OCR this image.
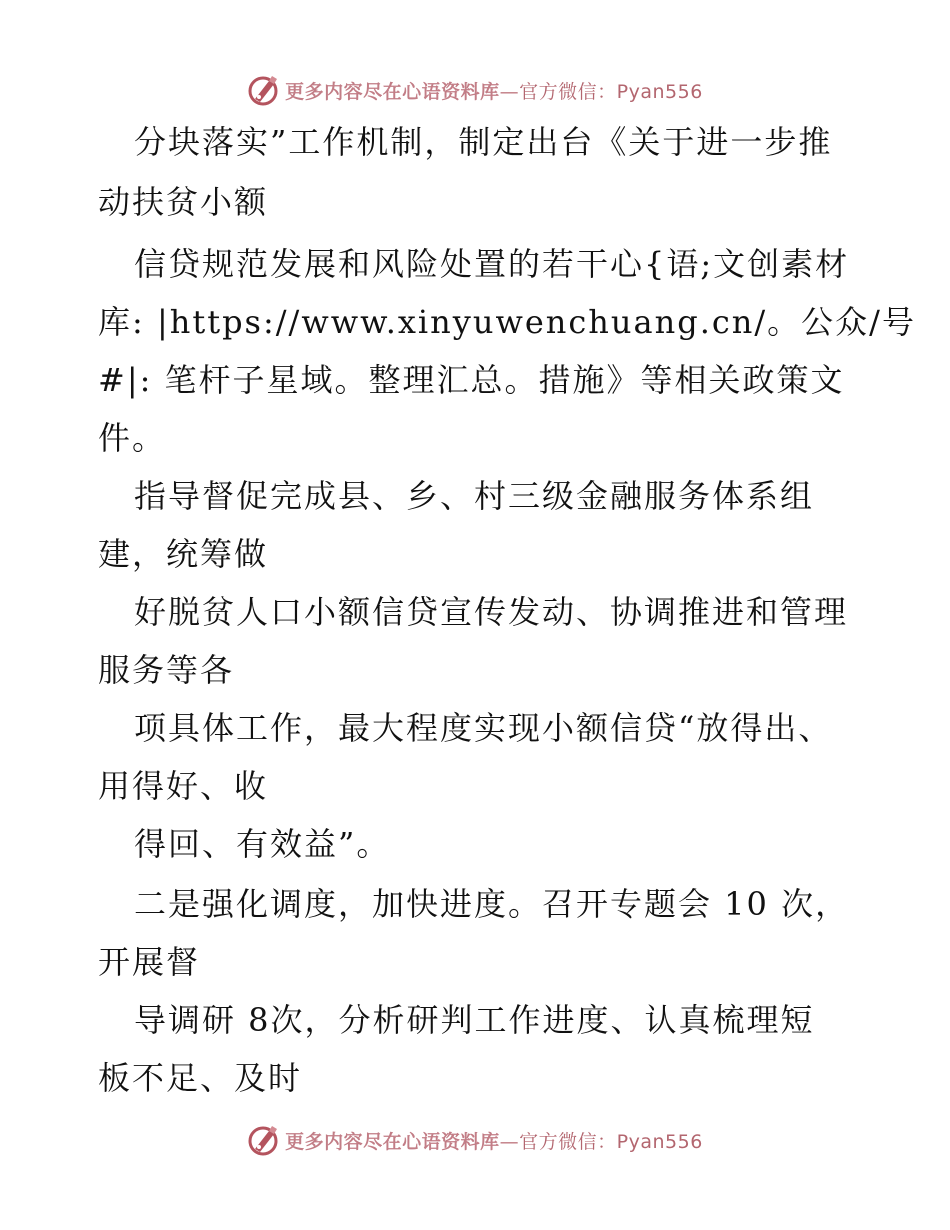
更多内容尽在心语资料库—官方微信：Pyan556
分块落实”工作机制，制定出台《关于进一步推
动扶贫小额
信贷规范发展和风险处置的若干心{语;文创素材
库: |https://www.xinyuwenchuang.cn/。公众/号
#|: 笔杆子星域。整理汇总。措施》等相关政策文
件。
指导督促完成县、乡、村三级金融服务体系组
建，统筹做
好脱贫人口小额信贷宣传发动、协调推进和管理
服务等各
项具体工作，最大程度实现小额信贷“放得出、
用得好、收
得回、有效益”。
二是强化调度，加快进度。召开专题会 10 次，
开展督
导调研 8次，分析研判工作进度、认真梳理短
板不足、及时
更多内容尽在心语资料库—官方微信：Pyan556
